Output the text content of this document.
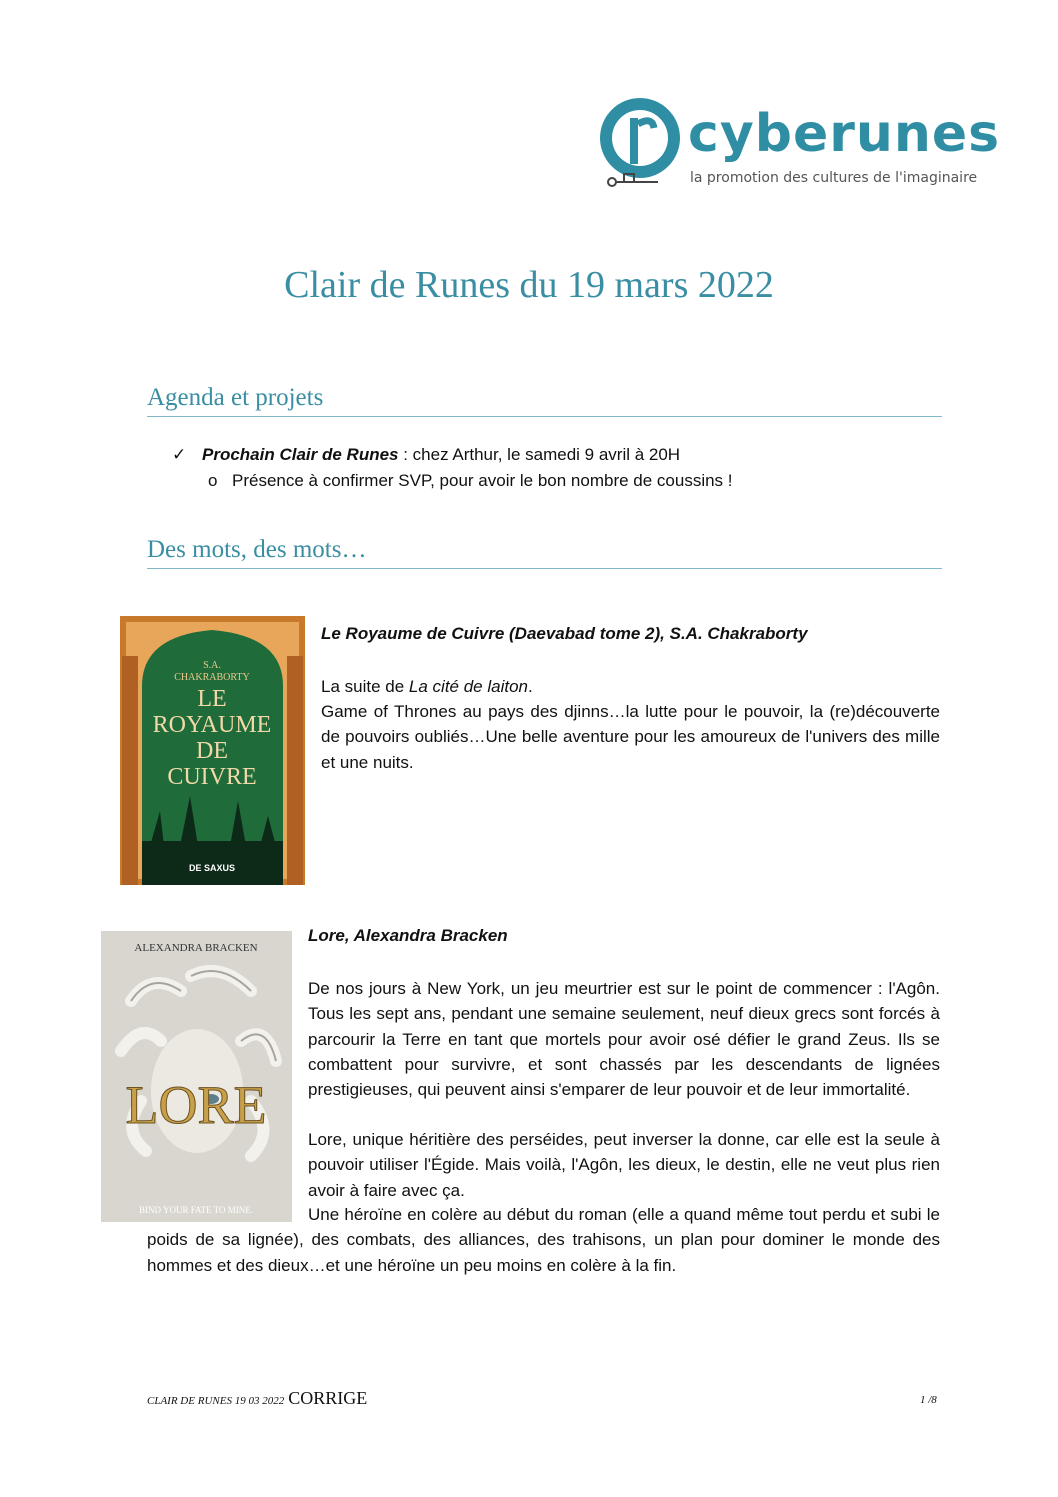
cyberunes
la promotion des cultures de l'imaginaire
Clair de Runes du 19 mars 2022
Agenda et projets
✓ Prochain Clair de Runes : chez Arthur, le samedi 9 avril à 20H
o Présence à confirmer SVP, pour avoir le bon nombre de coussins !
Des mots, des mots…
S.A.
CHAKRABORTY
LE
ROYAUME
DE
CUIVRE
DE SAXUS
Le Royaume de Cuivre (Daevabad tome 2), S.A. Chakraborty
La suite de La cité de laiton.
Game of Thrones au pays des djinns…la lutte pour le pouvoir, la (re)découverte de pouvoirs oubliés…Une belle aventure pour les amoureux de l'univers des mille et une nuits.
ALEXANDRA BRACKEN
LORE
BIND YOUR FATE TO MINE.
Lore, Alexandra Bracken
De nos jours à New York, un jeu meurtrier est sur le point de commencer : l'Agôn. Tous les sept ans, pendant une semaine seulement, neuf dieux grecs sont forcés à parcourir la Terre en tant que mortels pour avoir osé défier le grand Zeus. Ils se combattent pour survivre, et sont chassés par les descendants de lignées prestigieuses, qui peuvent ainsi s'emparer de leur pouvoir et de leur immortalité.
Lore, unique héritière des perséides, peut inverser la donne, car elle est la seule à pouvoir utiliser l'Égide. Mais voilà, l'Agôn, les dieux, le destin, elle ne veut plus rien avoir à faire avec ça.
Une héroïne en colère au début du roman (elle a quand même tout perdu et subi le poids de sa lignée), des combats, des alliances, des trahisons, un plan pour dominer le monde des hommes et des dieux…et une héroïne un peu moins en colère à la fin.
CLAIR DE RUNES 19 03 2022 CORRIGE	1 /8
